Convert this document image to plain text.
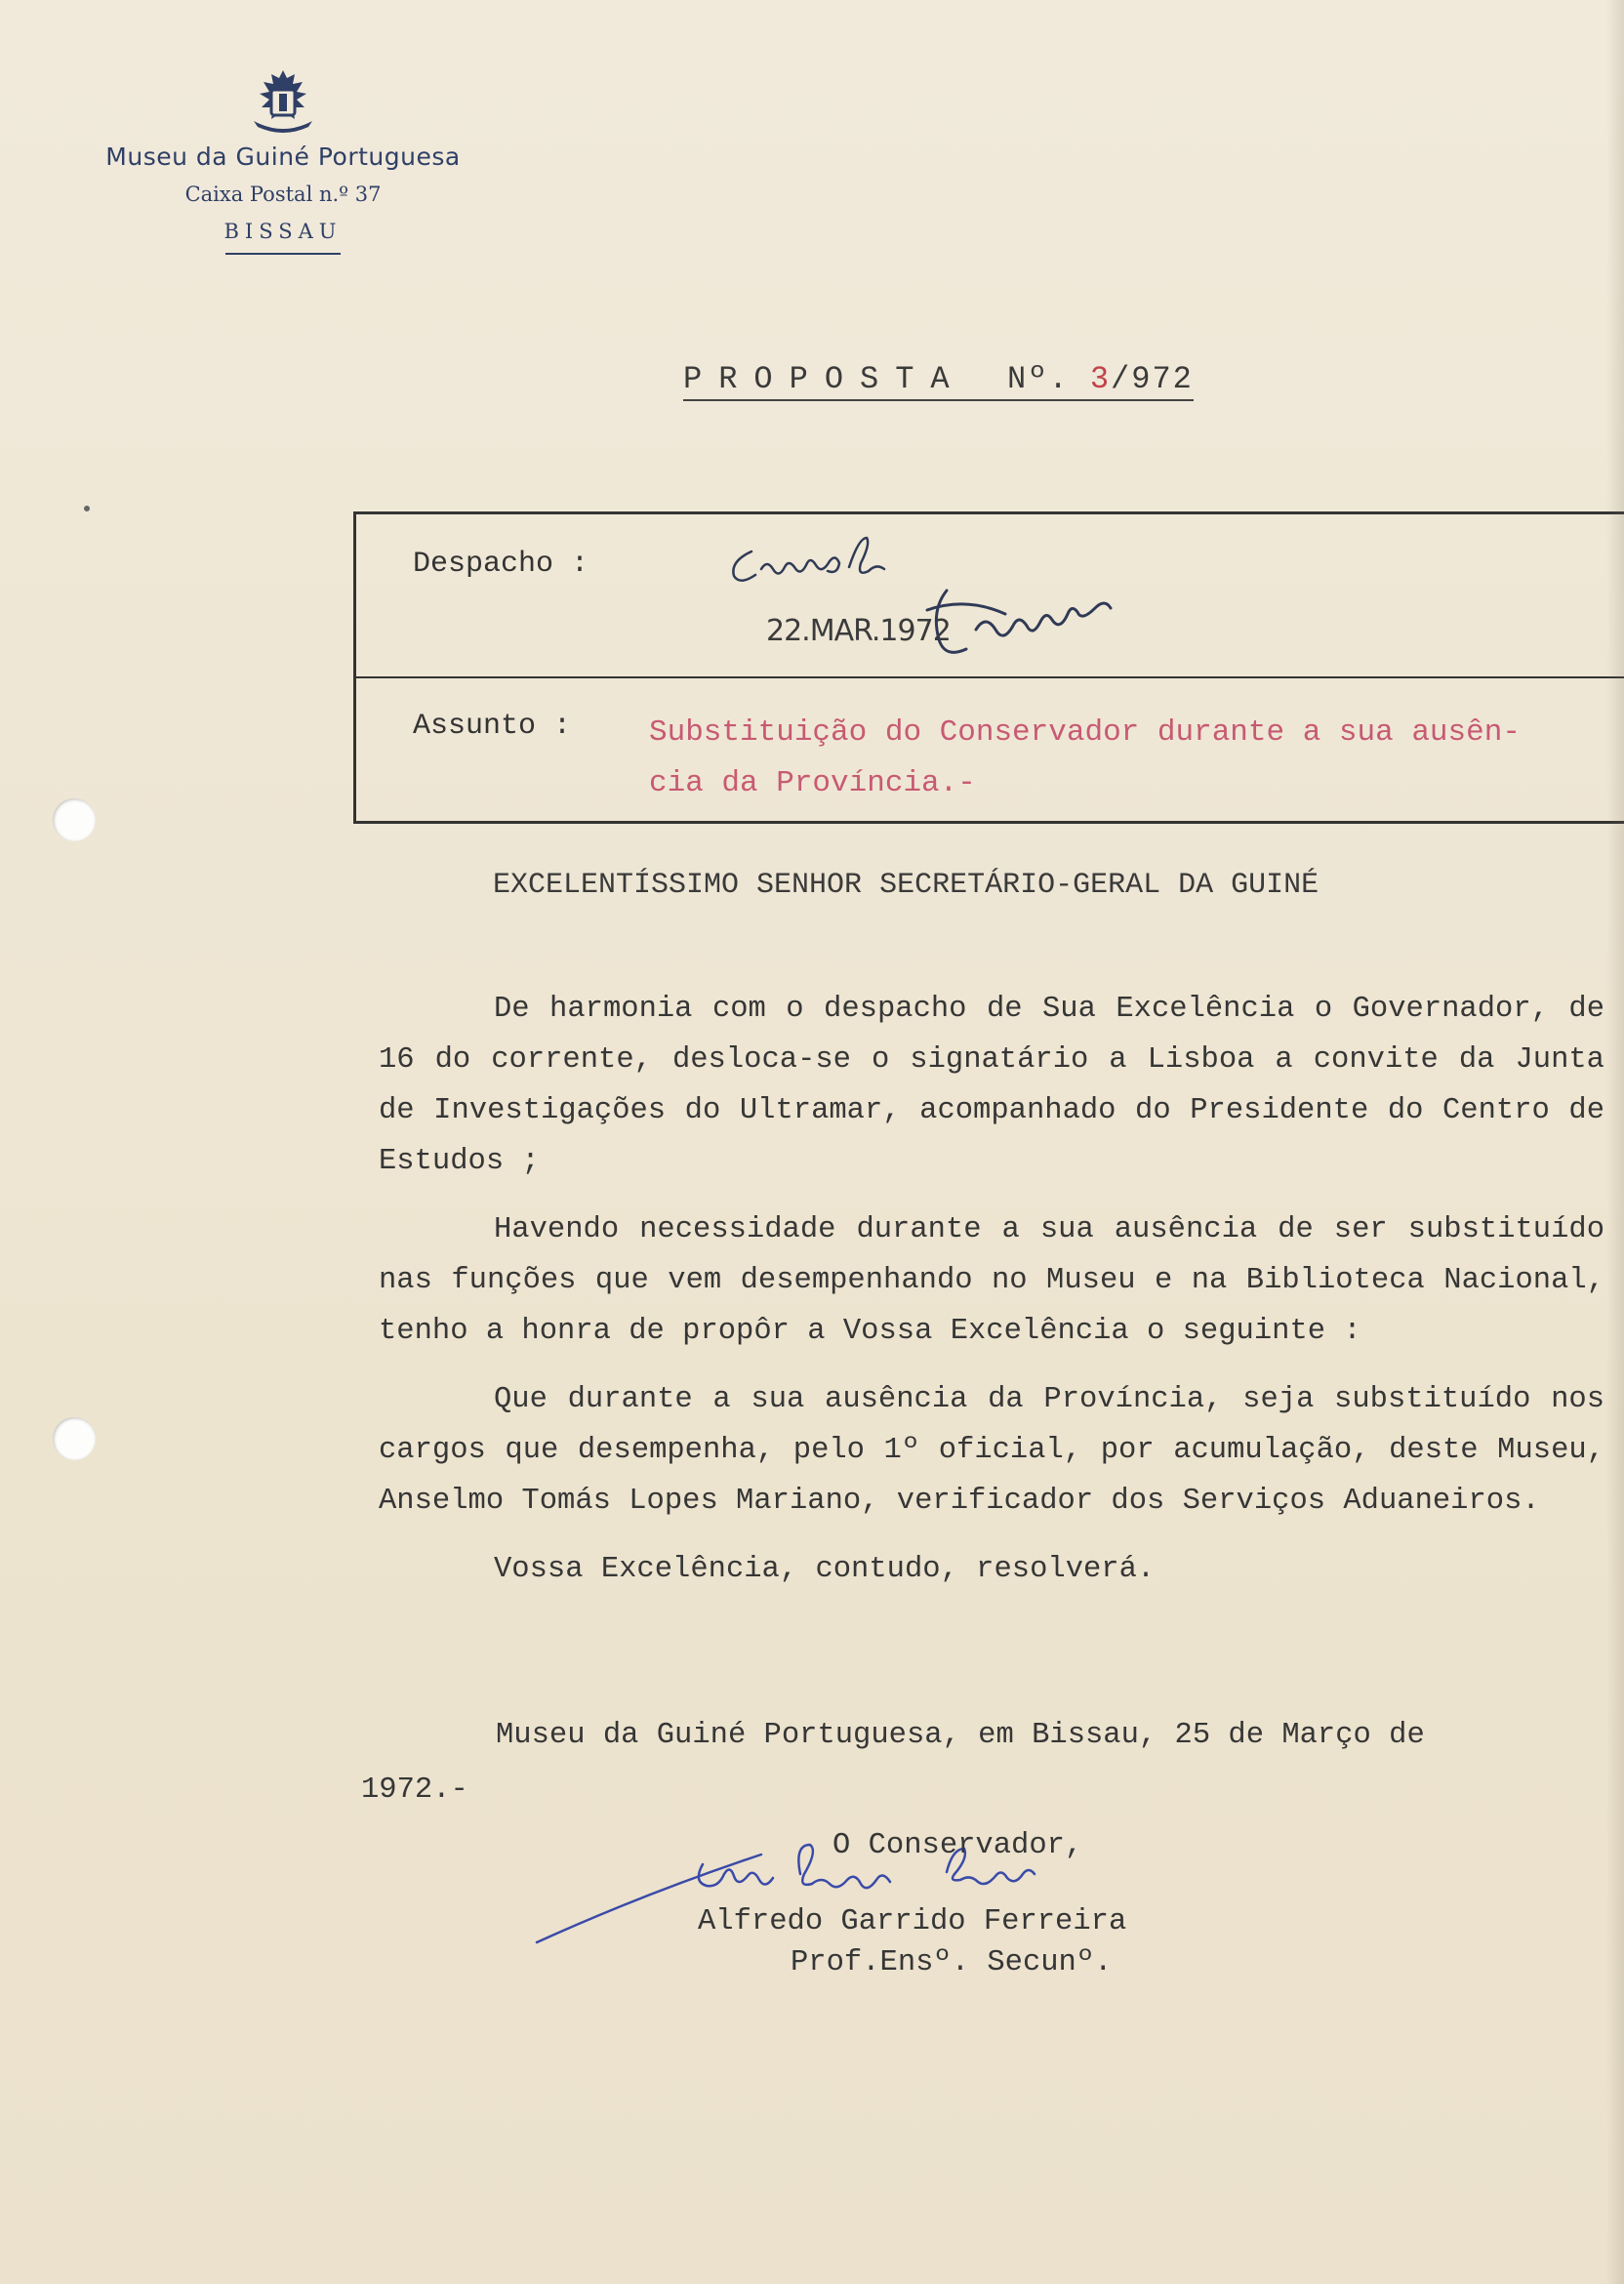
Museu da Guiné Portuguesa
Caixa Postal n.º 37
BISSAU
PROPOSTA Nº. 3/972
Despacho :
22.MAR.1972
Assunto :	Substituição do Conservador durante a sua ausên-
cia da Província.-
EXCELENTÍSSIMO SENHOR SECRETÁRIO-GERAL DA GUINÉ

De harmonia com o despacho de Sua Excelência o Governador, de 16 do corrente, desloca-se o signatário a Lisboa a convite da Junta de Investigações do Ultramar, acompanhado do Presidente do Centro de Estudos ;

Havendo necessidade durante a sua ausência de ser substituído nas funções que vem desempenhando no Museu e na Biblioteca Nacional, tenho a honra de propôr a Vossa Excelência o seguinte :

Que durante a sua ausência da Província, seja substituído nos cargos que desempenha, pelo 1º oficial, por acumulação, deste Museu, Anselmo Tomás Lopes Mariano, verificador dos Serviços Aduaneiros.

Vossa Excelência, contudo, resolverá.

Museu da Guiné Portuguesa, em Bissau, 25 de Março de
1972.-
O Conservador,
Alfredo Garrido Ferreira
Prof.Ensº. Secunº.
